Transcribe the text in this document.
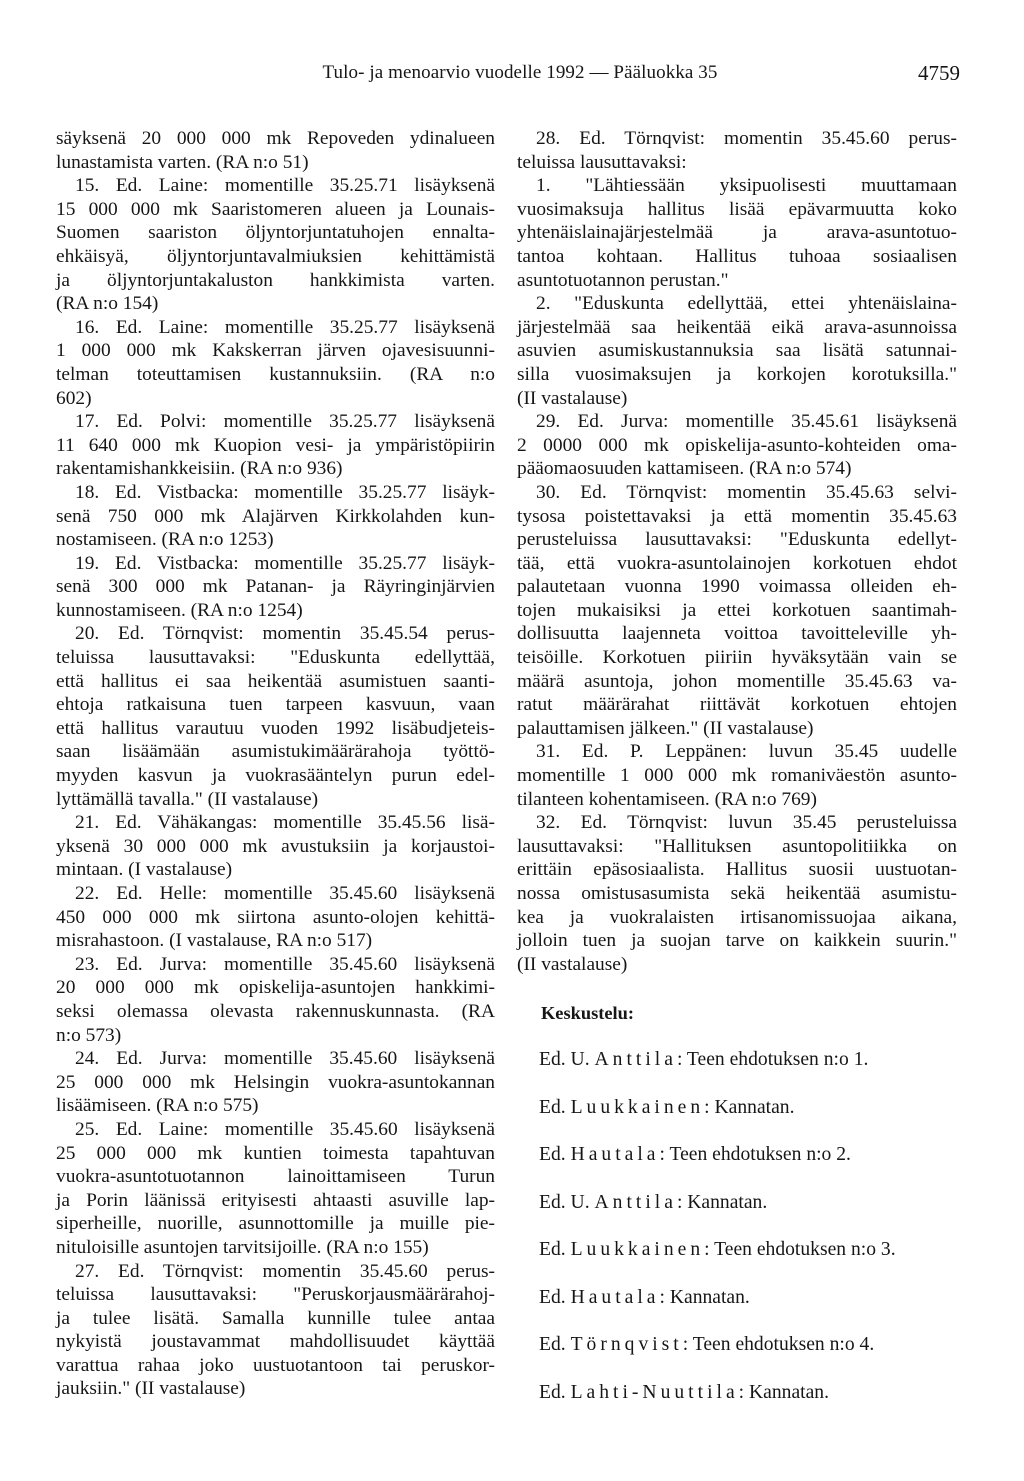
Tulo- ja menoarvio vuodelle 1992 — Pääluokka 35	4759
säyksenä 20 000 000 mk Repoveden ydinalueen
lunastamista varten. (RA n:o 51)
15. Ed. Laine: momentille 35.25.71 lisäyksenä
15 000 000 mk Saaristomeren alueen ja Lounais-
Suomen saariston öljyntorjuntatuhojen ennalta-
ehkäisyä, öljyntorjuntavalmiuksien kehittämistä
ja öljyntorjuntakaluston hankkimista varten.
(RA n:o 154)
16. Ed. Laine: momentille 35.25.77 lisäyksenä
1 000 000 mk Kakskerran järven ojavesisuunni-
telman toteuttamisen kustannuksiin. (RA n:o
602)
17. Ed. Polvi: momentille 35.25.77 lisäyksenä
11 640 000 mk Kuopion vesi- ja ympäristöpiirin
rakentamishankkeisiin. (RA n:o 936)
18. Ed. Vistbacka: momentille 35.25.77 lisäyk-
senä 750 000 mk Alajärven Kirkkolahden kun-
nostamiseen. (RA n:o 1253)
19. Ed. Vistbacka: momentille 35.25.77 lisäyk-
senä 300 000 mk Patanan- ja Räyringinjärvien
kunnostamiseen. (RA n:o 1254)
20. Ed. Törnqvist: momentin 35.45.54 perus-
teluissa lausuttavaksi: "Eduskunta edellyttää,
että hallitus ei saa heikentää asumistuen saanti-
ehtoja ratkaisuna tuen tarpeen kasvuun, vaan
että hallitus varautuu vuoden 1992 lisäbudjeteis-
saan lisäämään asumistukimäärärahoja työttö-
myyden kasvun ja vuokrasääntelyn purun edel-
lyttämällä tavalla." (II vastalause)
21. Ed. Vähäkangas: momentille 35.45.56 lisä-
yksenä 30 000 000 mk avustuksiin ja korjaustoi-
mintaan. (I vastalause)
22. Ed. Helle: momentille 35.45.60 lisäyksenä
450 000 000 mk siirtona asunto-olojen kehittä-
misrahastoon. (I vastalause, RA n:o 517)
23. Ed. Jurva: momentille 35.45.60 lisäyksenä
20 000 000 mk opiskelija-asuntojen hankkimi-
seksi olemassa olevasta rakennuskunnasta. (RA
n:o 573)
24. Ed. Jurva: momentille 35.45.60 lisäyksenä
25 000 000 mk Helsingin vuokra-asuntokannan
lisäämiseen. (RA n:o 575)
25. Ed. Laine: momentille 35.45.60 lisäyksenä
25 000 000 mk kuntien toimesta tapahtuvan
vuokra-asuntotuotannon lainoittamiseen Turun
ja Porin läänissä erityisesti ahtaasti asuville lap-
siperheille, nuorille, asunnottomille ja muille pie-
nituloisille asuntojen tarvitsijoille. (RA n:o 155)
27. Ed. Törnqvist: momentin 35.45.60 perus-
teluissa lausuttavaksi: "Peruskorjausmäärärahoj-
ja tulee lisätä. Samalla kunnille tulee antaa
nykyistä joustavammat mahdollisuudet käyttää
varattua rahaa joko uustuotantoon tai peruskor-
jauksiin." (II vastalause)
28. Ed. Törnqvist: momentin 35.45.60 perus-
teluissa lausuttavaksi:
1. "Lähtiessään yksipuolisesti muuttamaan
vuosimaksuja hallitus lisää epävarmuutta koko
yhtenäislainajärjestelmää ja arava-asuntotuo-
tantoa kohtaan. Hallitus tuhoaa sosiaalisen
asuntotuotannon perustan."
2. "Eduskunta edellyttää, ettei yhtenäislaina-
järjestelmää saa heikentää eikä arava-asunnoissa
asuvien asumiskustannuksia saa lisätä satunnai-
silla vuosimaksujen ja korkojen korotuksilla."
(II vastalause)
29. Ed. Jurva: momentille 35.45.61 lisäyksenä
2 0000 000 mk opiskelija-asunto-kohteiden oma-
pääomaosuuden kattamiseen. (RA n:o 574)
30. Ed. Törnqvist: momentin 35.45.63 selvi-
tysosa poistettavaksi ja että momentin 35.45.63
perusteluissa lausuttavaksi: "Eduskunta edellyt-
tää, että vuokra-asuntolainojen korkotuen ehdot
palautetaan vuonna 1990 voimassa olleiden eh-
tojen mukaisiksi ja ettei korkotuen saantimah-
dollisuutta laajenneta voittoa tavoitteleville yh-
teisöille. Korkotuen piiriin hyväksytään vain se
määrä asuntoja, johon momentille 35.45.63 va-
ratut määrärahat riittävät korkotuen ehtojen
palauttamisen jälkeen." (II vastalause)
31. Ed. P. Leppänen: luvun 35.45 uudelle
momentille 1 000 000 mk romaniväestön asunto-
tilanteen kohentamiseen. (RA n:o 769)
32. Ed. Törnqvist: luvun 35.45 perusteluissa
lausuttavaksi: "Hallituksen asuntopolitiikka on
erittäin epäsosiaalista. Hallitus suosii uustuotan-
nossa omistusasumista sekä heikentää asumistu-
kea ja vuokralaisten irtisanomissuojaa aikana,
jolloin tuen ja suojan tarve on kaikkein suurin."
(II vastalause)
Keskustelu:
Ed. U. Anttila: Teen ehdotuksen n:o 1.
Ed. Luukkainen: Kannatan.
Ed. Hautala: Teen ehdotuksen n:o 2.
Ed. U. Anttila: Kannatan.
Ed. Luukkainen: Teen ehdotuksen n:o 3.
Ed. Hautala: Kannatan.
Ed. Törnqvist: Teen ehdotuksen n:o 4.
Ed. Lahti-Nuuttila: Kannatan.
